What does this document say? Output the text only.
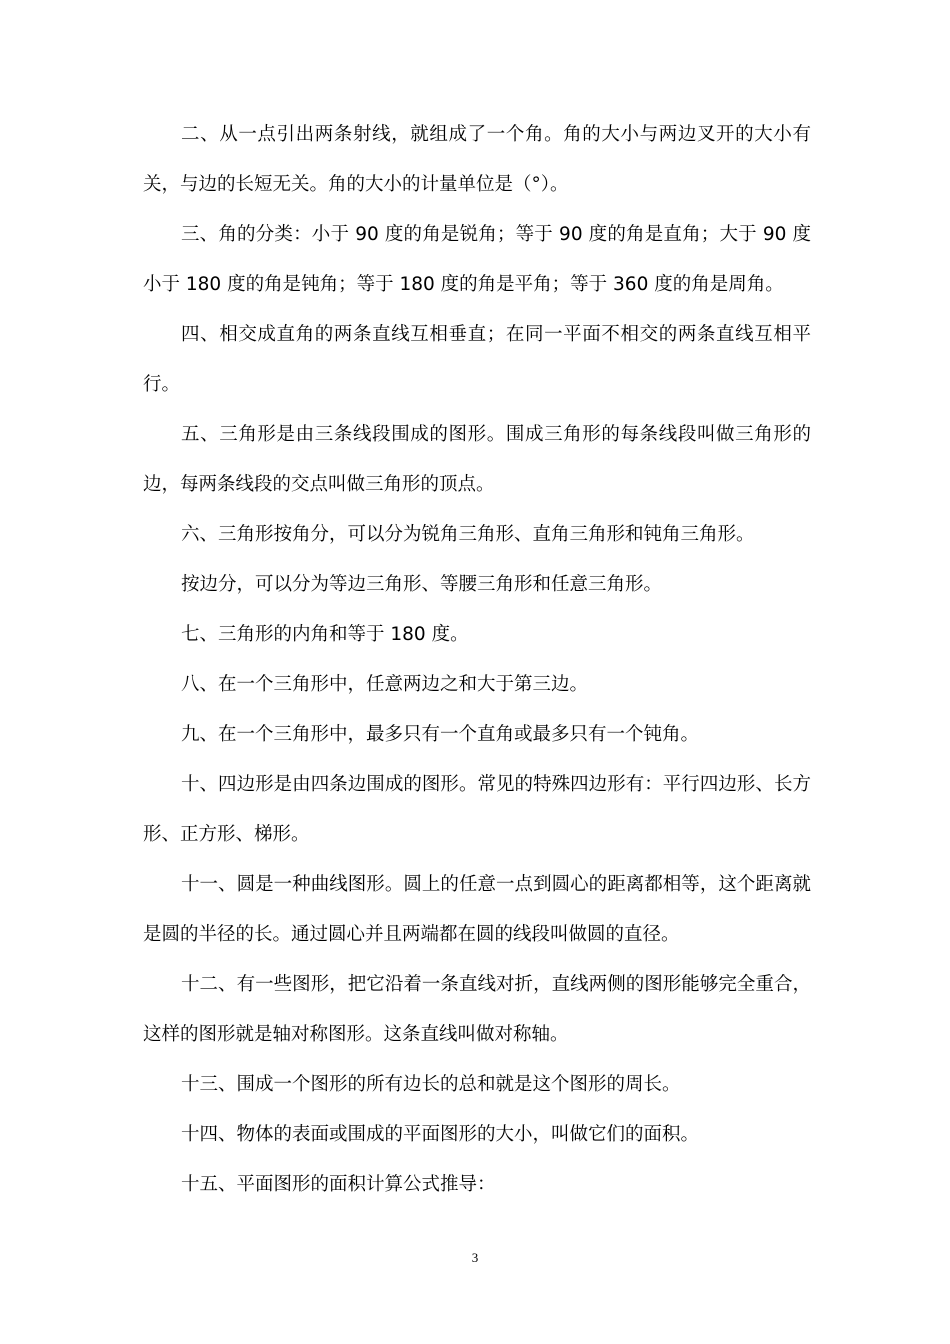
二、从一点引出两条射线，就组成了一个角。角的大小与两边叉开的大小有关，与边的长短无关。角的大小的计量单位是（°）。

三、角的分类：小于 90 度的角是锐角；等于 90 度的角是直角；大于 90 度小于 180 度的角是钝角；等于 180 度的角是平角；等于 360 度的角是周角。

四、相交成直角的两条直线互相垂直；在同一平面不相交的两条直线互相平行。

五、三角形是由三条线段围成的图形。围成三角形的每条线段叫做三角形的边，每两条线段的交点叫做三角形的顶点。

六、三角形按角分，可以分为锐角三角形、直角三角形和钝角三角形。

按边分，可以分为等边三角形、等腰三角形和任意三角形。

七、三角形的内角和等于 180 度。

八、在一个三角形中，任意两边之和大于第三边。

九、在一个三角形中，最多只有一个直角或最多只有一个钝角。

十、四边形是由四条边围成的图形。常见的特殊四边形有：平行四边形、长方形、正方形、梯形。

十一、圆是一种曲线图形。圆上的任意一点到圆心的距离都相等，这个距离就是圆的半径的长。通过圆心并且两端都在圆的线段叫做圆的直径。

十二、有一些图形，把它沿着一条直线对折，直线两侧的图形能够完全重合，这样的图形就是轴对称图形。这条直线叫做对称轴。

十三、围成一个图形的所有边长的总和就是这个图形的周长。

十四、物体的表面或围成的平面图形的大小，叫做它们的面积。

十五、平面图形的面积计算公式推导：

3
